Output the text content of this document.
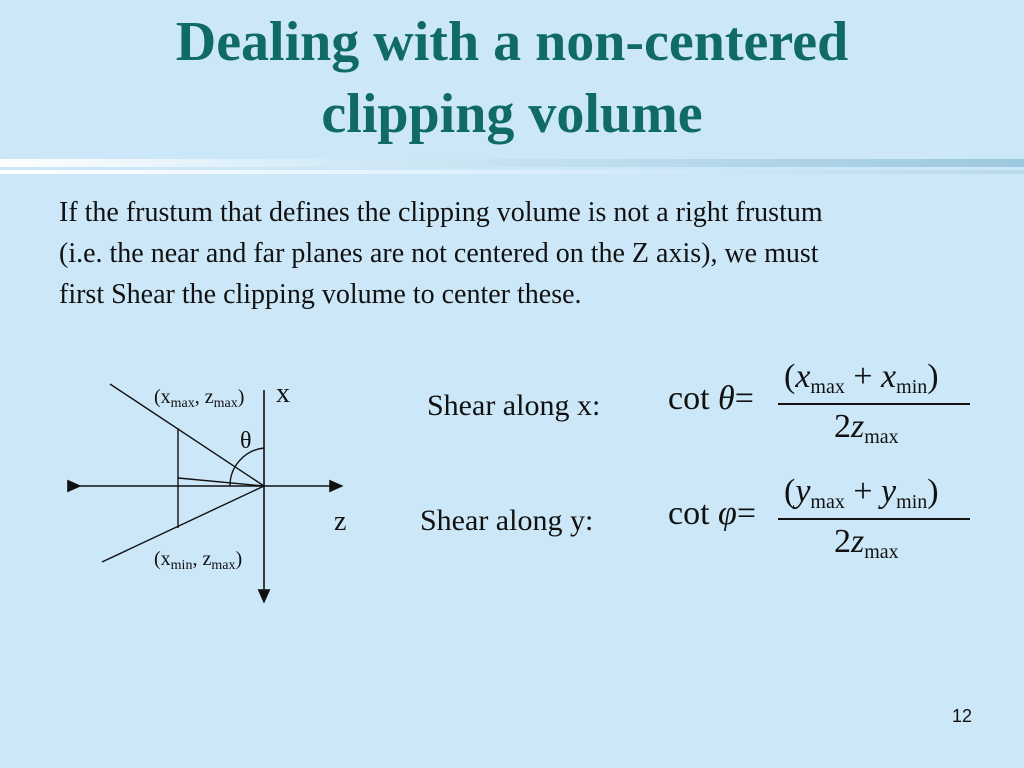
Dealing with a non-centered
clipping volume
If the frustum that defines the clipping volume is not a right frustum
(i.e. the near and far planes are not centered on the Z axis), we must
first Shear the clipping volume to center these.
($x_{max}$, $z_{max}$)
($x_{min}$, $z_{max}$)
x
z
θ
Shear along x: cot θ=
(xmax + xmin)
2zmax
Shear along y: cot φ=
(ymax + ymin)
2zmax
12
